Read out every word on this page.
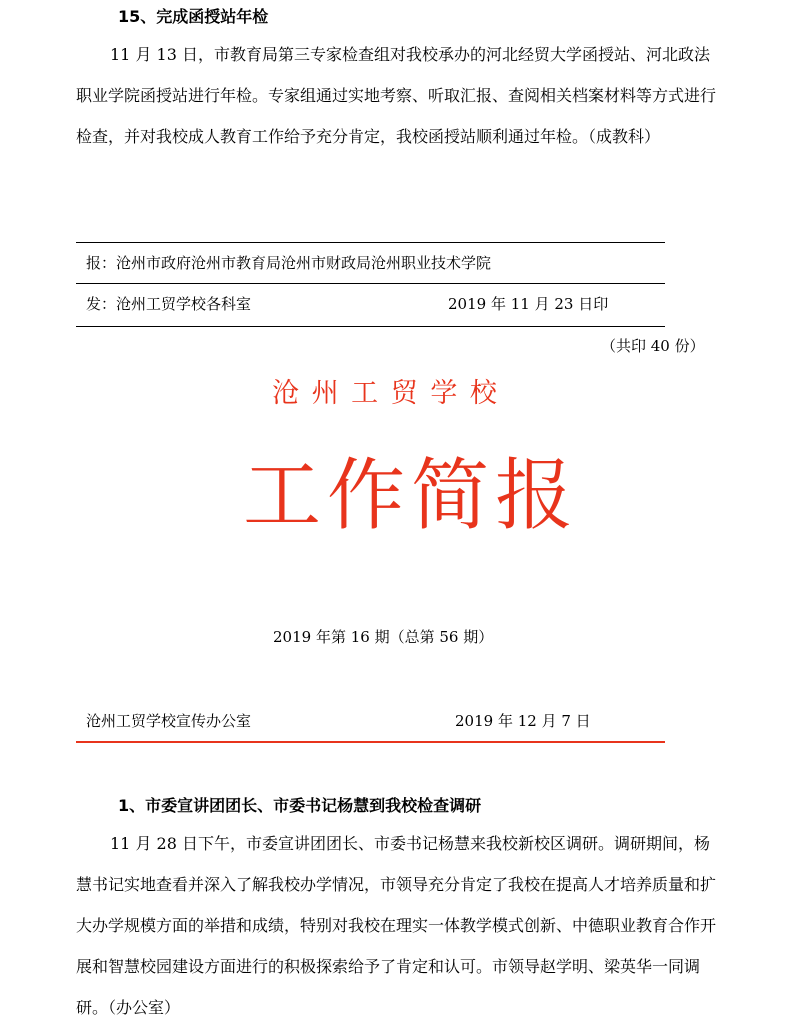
15、完成函授站年检
11 月 13 日，市教育局第三专家检查组对我校承办的河北经贸大学函授站、河北政法职业学院函授站进行年检。专家组通过实地考察、听取汇报、查阅相关档案材料等方式进行检查，并对我校成人教育工作给予充分肯定，我校函授站顺利通过年检。（成教科）
报：沧州市政府沧州市教育局沧州市财政局沧州职业技术学院
发：沧州工贸学校各科室	2019 年 11 月 23 日印
（共印 40 份）
沧 州 工 贸 学 校
工作简报
2019 年第 16 期（总第 56 期）
沧州工贸学校宣传办公室	2019 年 12 月 7 日
1、市委宣讲团团长、市委书记杨慧到我校检查调研
11 月 28 日下午，市委宣讲团团长、市委书记杨慧来我校新校区调研。调研期间，杨慧书记实地查看并深入了解我校办学情况，市领导充分肯定了我校在提高人才培养质量和扩大办学规模方面的举措和成绩，特别对我校在理实一体教学模式创新、中德职业教育合作开展和智慧校园建设方面进行的积极探索给予了肯定和认可。市领导赵学明、梁英华一同调研。（办公室）
